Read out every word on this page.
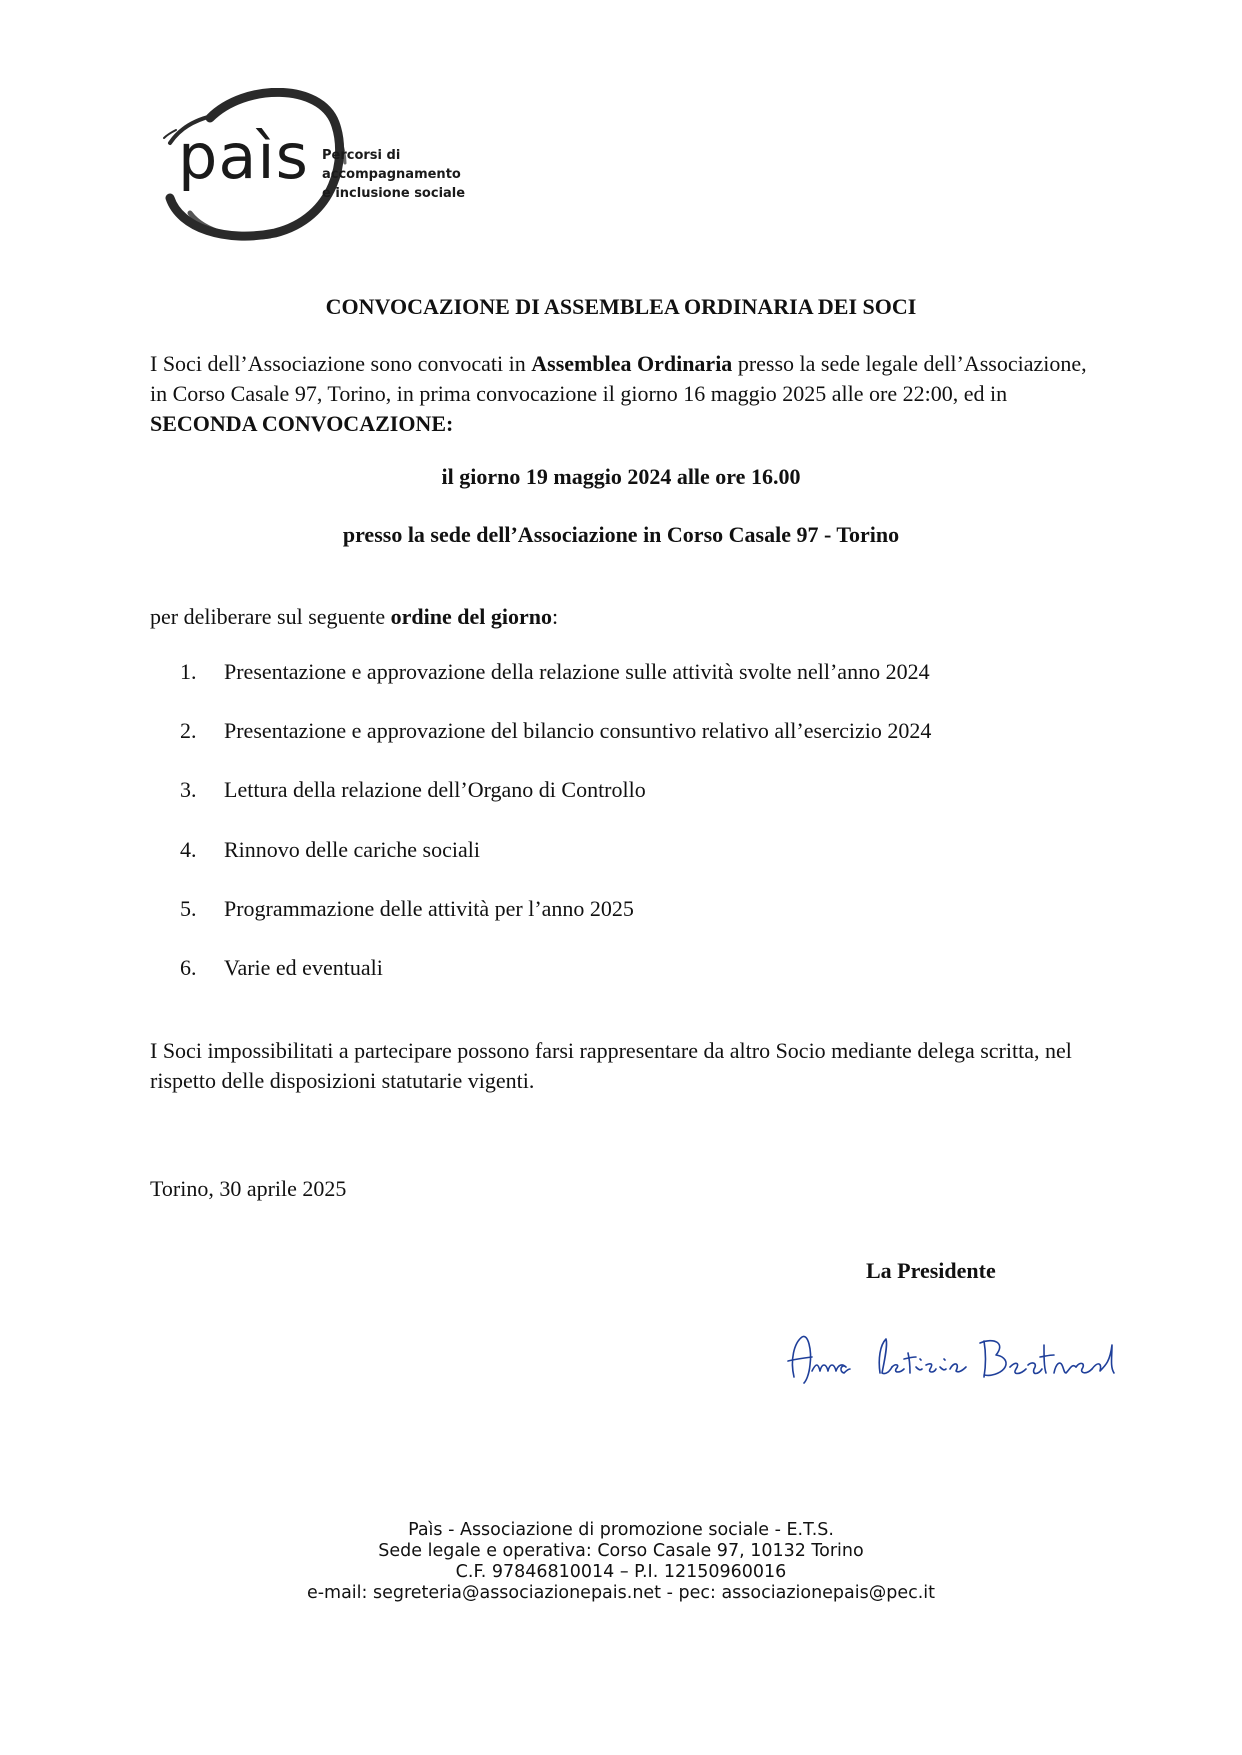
paìs Percorsi di
accompagnamento
e inclusione sociale
CONVOCAZIONE DI ASSEMBLEA ORDINARIA DEI SOCI
I Soci dell’Associazione sono convocati in Assemblea Ordinaria presso la sede legale dell’Associazione, in Corso Casale 97, Torino, in prima convocazione il giorno 16 maggio 2025 alle ore 22:00, ed in SECONDA CONVOCAZIONE:
il giorno 19 maggio 2024 alle ore 16.00
presso la sede dell’Associazione in Corso Casale 97 - Torino
per deliberare sul seguente ordine del giorno:
1. Presentazione e approvazione della relazione sulle attività svolte nell’anno 2024
2. Presentazione e approvazione del bilancio consuntivo relativo all’esercizio 2024
3. Lettura della relazione dell’Organo di Controllo
4. Rinnovo delle cariche sociali
5. Programmazione delle attività per l’anno 2025
6. Varie ed eventuali
I Soci impossibilitati a partecipare possono farsi rappresentare da altro Socio mediante delega scritta, nel rispetto delle disposizioni statutarie vigenti.
Torino, 30 aprile 2025
La Presidente
Paìs - Associazione di promozione sociale - E.T.S.
Sede legale e operativa: Corso Casale 97, 10132 Torino
C.F. 97846810014 – P.I. 12150960016
e-mail: segreteria@associazionepais.net - pec: associazionepais@pec.it
